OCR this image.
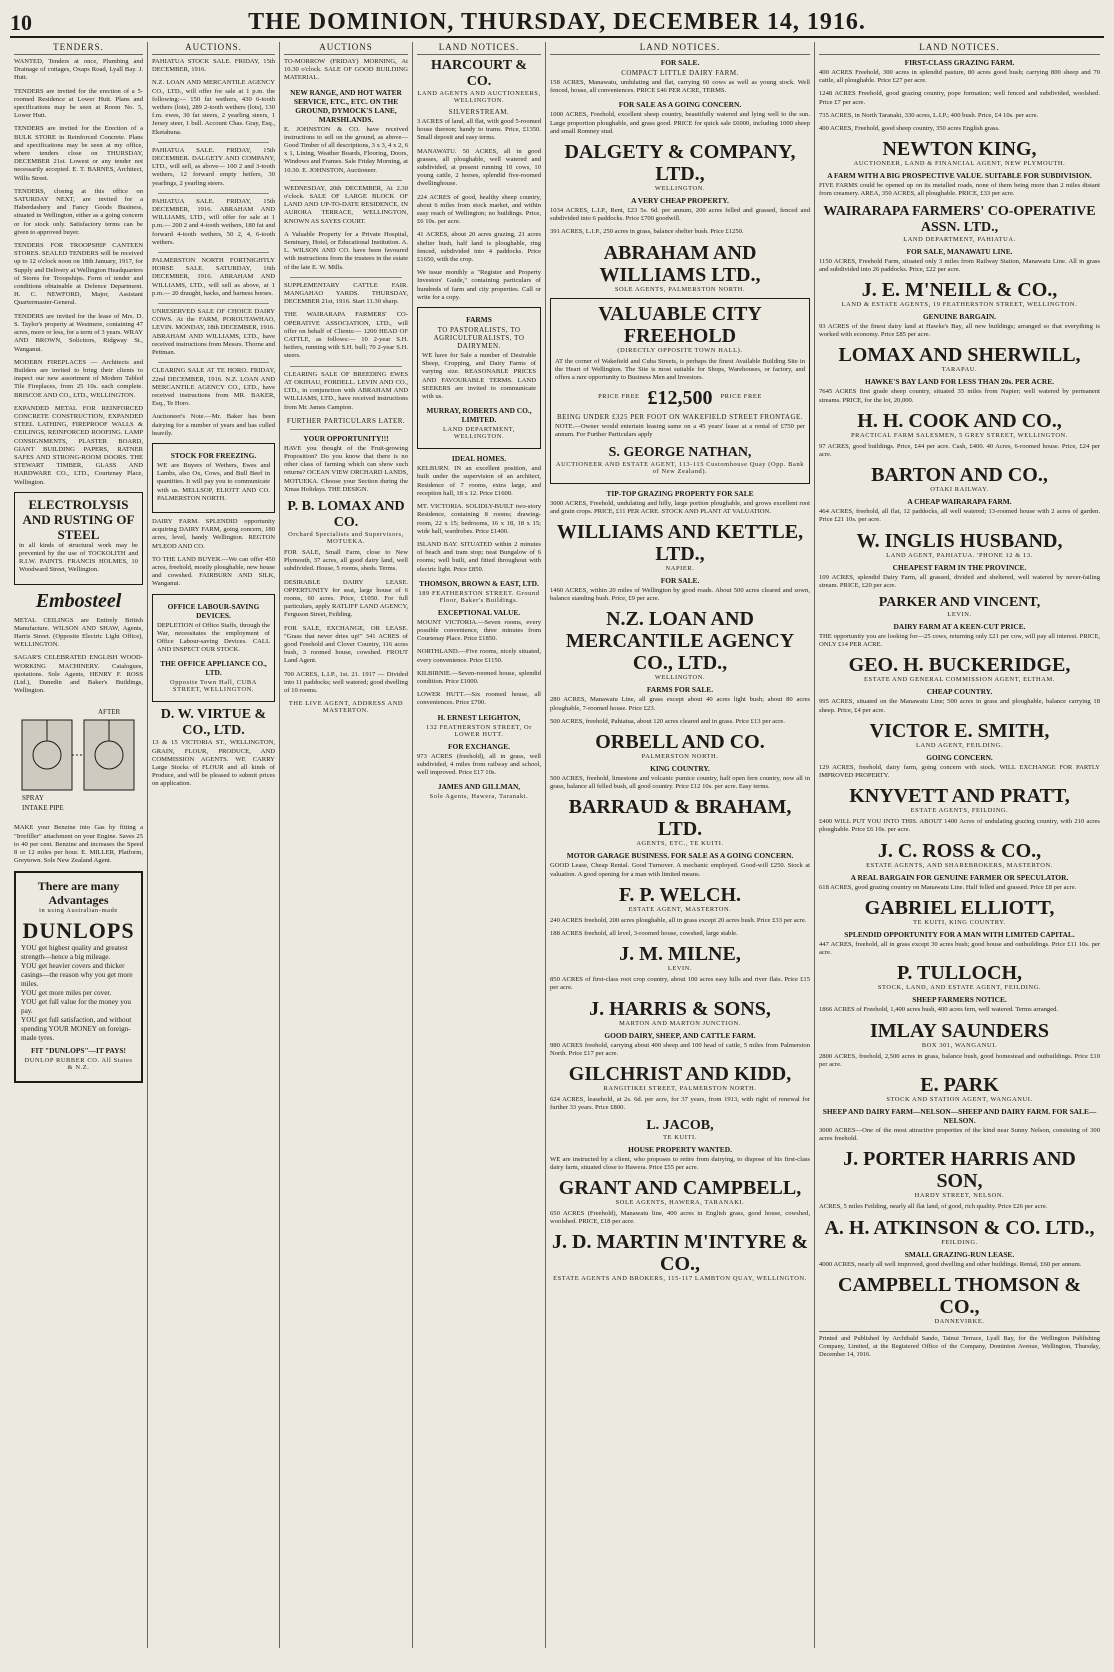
10	THE DOMINION, THURSDAY, DECEMBER 14, 1916.
TENDERS.
WANTED, Tenders at once, Plumbing and Drainage of cottages, Oxaps Road, Lyall Bay. J. Hutt.
TENDERS are invited for the erection of a 5-roomed Residence at Lower Hutt. Plans and specifications may be seen at Room No. 5, Lower Hutt.
TENDERS are invited for the Erection of a BULK STORE in Reinforced Concrete. Plans and specifications may be seen at my office, where tenders close on THURSDAY, DECEMBER 21st. Lowest or any tender not necessarily accepted. E. T. BARNES, Architect, Willis Street.
TENDERS, closing at this office on SATURDAY NEXT, are invited for a Haberdashery and Fancy Goods Business, situated in Wellington, either as a going concern or for stock only. Satisfactory terms can be given to approved buyer.
TENDERS FOR TROOPSHIP CANTEEN STORES. SEALED TENDERS will be received up to 12 o'clock noon on 18th January, 1917, for Supply and Delivery at Wellington Headquarters of Stores for Troopships. Form of tender and conditions obtainable at Defence Department. H. C. NEWFORD, Major, Assistant Quartermaster-General.
TENDERS are invited for the lease of Mrs. D. S. Taylor's property at Westmere, containing 47 acres, more or less, for a term of 3 years. WRAY AND BROWN, Solicitors, Ridgway St., Wanganui.
MODERN FIREPLACES — Architects and Builders are invited to bring their clients to inspect our new assortment of Modern Tabled Tile Fireplaces, from 25 10s. each complete. BRISCOE AND CO., LTD., WELLINGTON.
EXPANDED METAL FOR REINFORCED CONCRETE CONSTRUCTION, EXPANDED STEEL LATHING, FIREPROOF WALLS & CEILINGS, REINFORCED ROOFING. LAMP CONSIGNMENTS, PLASTER BOARD, GIANT BUILDING PAPERS, RATNER SAFES AND STRONG-ROOM DOORS. THE STEWART TIMBER, GLASS AND HARDWARE CO., LTD., Courtenay Place, Wellington.
ELECTROLYSIS AND RUSTING OF STEEL
in all kinds of structural work may be prevented by the use of TOCKOLITH and R.I.W. PAINTS. FRANCIS HOLMES, 10 Woodward Street, Wellington.
Embosteel
METAL CEILINGS are Entirely British Manufacture. WILSON AND SHAW, Agents, Harris Street. (Opposite Electric Light Office), WELLINGTON.
SAGAR'S CELEBRATED ENGLISH WOOD-WORKING MACHINERY. Catalogues, quotations. Sole Agents, HENRY F. ROSS (Ltd.), Dunedin and Baker's Buildings, Wellington.
SPRAY
INTAKE PIPE
AFTER
MAKE your Benzine into Gas by fitting a "Irrefiller" attachment on your Engine. Saves 25 to 40 per cent. Benzine and increases the Speed 8 or 12 miles per hour. E. MILLER, Platform, Greytown. Sole New Zealand Agent.
There are many Advantages
in using Australian-made
DUNLOPS
YOU get highest quality and greatest strength—hence a big mileage.
YOU get heavier covers and thicker casings—the reason why you get more miles.
YOU get more miles per cover.
YOU get full value for the money you pay.
YOU get full satisfaction, and without spending YOUR MONEY on foreign-made tyres.
FIT "DUNLOPS"—IT PAYS!
DUNLOP RUBBER CO. All States & N.Z.
AUCTIONS.
PAHIATUA STOCK SALE. FRIDAY, 15th DECEMBER, 1916.
N.Z. LOAN AND MERCANTILE AGENCY CO., LTD., will offer for sale at 1 p.m. the following:— 150 fat wethers, 430 6-tooth wethers (lots), 289 2-tooth wethers (lots), 130 f.m. ewes, 30 fat steers, 2 yearling steers, 1 Jersey steer, 1 bull. Account Chas. Gray, Esq., Eketahuna.
PAHIATUA SALE. FRIDAY, 15th DECEMBER. DALGETY AND COMPANY, LTD., will sell, as above— 100 2 and 3-tooth wethers, 12 forward empty heifers, 30 yearlings, 2 yearling steers.
PAHIATUA SALE. FRIDAY, 15th DECEMBER, 1916. ABRAHAM AND WILLIAMS, LTD., will offer for sale at 1 p.m.— 200 2 and 4-tooth wethers, 180 fat and forward 4-tooth wethers, 50 2, 4, 6-tooth wethers.
PALMERSTON NORTH FORTNIGHTLY HORSE SALE. SATURDAY, 16th DECEMBER, 1916. ABRAHAM AND WILLIAMS, LTD., will sell as above, at 1 p.m.— 20 draught, hacks, and harness horses.
UNRESERVED SALE OF CHOICE DAIRY COWS. At the FARM, POROUTAWHAO, LEVIN. MONDAY, 18th DECEMBER, 1916. ABRAHAM AND WILLIAMS, LTD., have received instructions from Messrs. Thorne and Pettman.
CLEARING SALE AT TE HORO. FRIDAY, 22nd DECEMBER, 1916. N.Z. LOAN AND MERCANTILE AGENCY CO., LTD., have received instructions from MR. BAKER, Esq., Te Horo.
Auctioneer's Note.—Mr. Baker has been dairying for a number of years and has culled heavily.
STOCK FOR FREEZING.
WE are Buyers of Wethers, Ewes and Lambs, also Ox, Cows, and Bull Beef in quantities. It will pay you to communicate with us. MELLSOP, ELIOTT AND CO. PALMERSTON NORTH.
DAIRY FARM. SPLENDID opportunity acquiring DAIRY FARM, going concern, 180 acres, level, handy Wellington. REGTON M'LEOD AND CO.
TO THE LAND BUYER.—We can offer 450 acres, freehold, mostly ploughable, new house and cowshed. FAIRBURN AND SILK, Wanganui.
OFFICE LABOUR-SAVING DEVICES.
DEPLETION of Office Staffs, through the War, necessitates the employment of Office Labour-saving Devices. CALL AND INSPECT OUR STOCK.
THE OFFICE APPLIANCE CO., LTD.
Opposite Town Hall, CUBA STREET, WELLINGTON.
D. W. VIRTUE & CO., LTD.
13 & 15 VICTORIA ST., WELLINGTON, GRAIN, FLOUR, PRODUCE, AND COMMISSION AGENTS. WE CARRY Large Stocks of FLOUR and all kinds of Produce, and will be pleased to submit prices on application.
AUCTIONS
TO-MORROW (FRIDAY) MORNING, At 10.30 o'clock. SALE OF GOOD BUILDING MATERIAL.
NEW RANGE, AND HOT WATER SERVICE, ETC., ETC. ON THE GROUND, DYMOCK'S LANE, MARSHLANDS.
E. JOHNSTON & CO. have received instructions to sell on the ground, as above— Good Timber of all descriptions, 3 x 3, 4 x 2, 6 x 1, Lining, Weather Boards, Flooring, Doors, Windows and Frames. Sale Friday Morning, at 10.30. E. JOHNSTON, Auctioneer.
WEDNESDAY, 20th DECEMBER, At 2.30 o'clock. SALE OF LARGE BLOCK OF LAND AND UP-TO-DATE RESIDENCE, IN AURORA TERRACE, WELLINGTON, KNOWN AS SAYES COURT.
A Valuable Property for a Private Hospital, Seminary, Hotel, or Educational Institution. A. L. WILSON AND CO. have been favoured with instructions from the trustees in the estate of the late E. W. Mills.
SUPPLEMENTARY CATTLE FAIR. MANGAHAO YARDS. THURSDAY, DECEMBER 21st, 1916. Start 11.30 sharp.
THE WAIRARAPA FARMERS' CO-OPERATIVE ASSOCIATION, LTD., will offer on behalf of Clients:— 1200 HEAD OF CATTLE, as follows:— 10 2-year S.H. heifers, running with S.H. bull; 70 2-year S.H. steers.
CLEARING SALE OF BREEDING EWES AT OKIHAU, FORDELL. LEVIN AND CO., LTD., in conjunction with ABRAHAM AND WILLIAMS, LTD., have received instructions from Mr. James Campion.
FURTHER PARTICULARS LATER.
YOUR OPPORTUNITY!!!
HAVE you thought of the Fruit-growing Proposition? Do you know that there is no other class of farming which can show such returns? OCEAN VIEW ORCHARD LANDS, MOTUEKA. Choose your Section during the Xmas Holidays. THE DESIGN.
P. B. LOMAX AND CO.
Orchard Specialists and Supervisors, MOTUEKA.
FOR SALE, Small Farm, close to New Plymouth, 37 acres, all good dairy land, well subdivided. House, 5 rooms, sheds. Terms.
DESIRABLE DAIRY LEASE. OPPERTUNITY for seat, large house of 6 rooms, 60 acres. Price, £1050. For full particulars, apply RATLIFF LAND AGENCY, Ferguson Street, Feilding.
FOR SALE, EXCHANGE, OR LEASE. "Grass that never dries up!" 341 ACRES of good Freehold and Clover Country, 116 acres bush, 3 roomed house, cowshed. FROUT Land Agent.
700 ACRES, L.I.P., 1st. 21. 1917 — Divided into 11 paddocks; well watered; good dwelling of 10 rooms.
THE LIVE AGENT, ADDRESS AND MASTERTON.
LAND NOTICES.
HARCOURT & CO.
LAND AGENTS AND AUCTIONEERS, WELLINGTON.
SILVERSTREAM.
3 ACRES of land, all flat, with good 5-roomed house thereon; handy to trams. Price, £1350. Small deposit and easy terms.
MANAWATU. 50 ACRES, all in good grasses, all ploughable, well watered and subdivided, at present running 10 cows, 10 young cattle, 2 horses, splendid five-roomed dwellinghouse.
224 ACRES of good, healthy sheep country, about 6 miles from stock market, and within easy reach of Wellington; no buildings. Price, £6 10s. per acre.
41 ACRES, about 20 acres grazing, 21 acres shelter bush, half land is ploughable, ring fenced, subdivided into 4 paddocks. Price £1650, with the crop.
We issue monthly a "Register and Property Investors' Guide," containing particulars of hundreds of farm and city properties. Call or write for a copy.
FARMS
TO PASTORALISTS, TO AGRICULTURALISTS, TO DAIRYMEN.
WE have for Sale a number of Desirable Sheep, Cropping, and Dairy Farms of varying size. REASONABLE PRICES AND FAVOURABLE TERMS. LAND SEEKERS are invited to communicate with us.
MURRAY, ROBERTS AND CO., LIMITED.
LAND DEPARTMENT, WELLINGTON.
IDEAL HOMES.
KELBURN. IN an excellent position, and built under the supervision of an architect, Residence of 7 rooms, extra large, and reception hall, 18 x 12. Price £1600.
MT. VICTORIA. SOLIDLY-BUILT two-story Residence, containing 8 rooms; drawing-room, 22 x 15; bedrooms, 16 x 18, 18 x 15; wide hall, wardrobes. Price £1400.
ISLAND BAY. SITUATED within 2 minutes of beach and tram stop; neat Bungalow of 6 rooms; well built, and fitted throughout with electric light. Price £850.
THOMSON, BROWN & EAST, LTD.
189 FEATHERSTON STREET. Ground Floor, Baker's Buildings.
EXCEPTIONAL VALUE.
MOUNT VICTORIA.—Seven rooms, every possible convenience, three minutes from Courtenay Place. Price £1850.
NORTHLAND.—Five rooms, nicely situated, every convenience. Price £1150.
KILBIRNIE.—Seven-roomed house, splendid condition. Price £1000.
LOWER HUTT.—Six roomed house, all conveniences. Price £700.
H. ERNEST LEIGHTON,
132 FEATHERSTON STREET, Or LOWER HUTT.
FOR EXCHANGE.
973 ACRES (freehold), all in grass, well subdivided, 4 miles from railway and school, well improved. Price £17 10s.
JAMES AND GILLMAN,
Sole Agents, Hawera, Taranaki.
LAND NOTICES.
FOR SALE.
COMPACT LITTLE DAIRY FARM.
158 ACRES, Manawatu, undulating and flat, carrying 60 cows as well as young stock. Well fenced, house, all conveniences. PRICE £46 PER ACRE, TERMS.
FOR SALE AS A GOING CONCERN.
1000 ACRES, Freehold, excellent sheep country, beautifully watered and lying well to the sun. Large proportion ploughable, and grass good. PRICE for quick sale £6000, including 1000 sheep and small Romney stud.
DALGETY & COMPANY, LTD.,
WELLINGTON.
A VERY CHEAP PROPERTY.
1034 ACRES, L.I.P., Rent, £23 5s. 6d. per annum, 200 acres felled and grassed, fenced and subdivided into 6 paddocks. Price £700 goodwill.
391 ACRES, L.I.P., 250 acres in grass, balance shelter bush. Price £1250.
ABRAHAM AND WILLIAMS LTD.,
SOLE AGENTS, PALMERSTON NORTH.
VALUABLE CITY FREEHOLD
(DIRECTLY OPPOSITE TOWN HALL).
AT the corner of Wakefield and Cuba Streets, is perhaps the finest Available Building Site in the Heart of Wellington. The Site is most suitable for Shops, Warehouses, or factory, and offers a rare opportunity to Business Men and Investors.
PRICE FREE £12,500 PRICE FREE
BEING UNDER £325 PER FOOT ON WAKEFIELD STREET FRONTAGE.
NOTE.—Owner would entertain leasing same on a 45 years' lease at a rental of £750 per annum. For Further Particulars apply
S. GEORGE NATHAN,
AUCTIONEER AND ESTATE AGENT, 113-115 Customhouse Quay (Opp. Bank of New Zealand).
TIP-TOP GRAZING PROPERTY FOR SALE
3000 ACRES, Freehold, undulating and hilly, large portion ploughable, and grows excellent root and grain crops. PRICE, £11 PER ACRE. STOCK AND PLANT AT VALUATION.
WILLIAMS AND KETTLE, LTD.,
NAPIER.
FOR SALE.
1460 ACRES, within 20 miles of Wellington by good roads. About 500 acres cleared and sown, balance standing bush. Price, £9 per acre.
N.Z. LOAN AND MERCANTILE AGENCY CO., LTD.,
WELLINGTON.
FARMS FOR SALE.
280 ACRES, Manawatu Line, all grass except about 40 acres light bush; about 80 acres ploughable, 7-roomed house. Price £23.
500 ACRES, freehold, Pahiatua, about 120 acres cleared and in grass. Price £13 per acre.
ORBELL AND CO.
PALMERSTON NORTH.
KING COUNTRY.
500 ACRES, freehold, limestone and volcanic pumice country, half open fern country, now all in grass, balance all felled bush, all good country. Price £12 10s. per acre. Easy terms.
BARRAUD & BRAHAM, LTD.
AGENTS, ETC., TE KUITI.
MOTOR GARAGE BUSINESS. FOR SALE AS A GOING CONCERN.
GOOD Lease, Cheap Rental. Good Turnover. A mechanic employed. Good-will £250. Stock at valuation. A good opening for a man with limited means.
F. P. WELCH.
ESTATE AGENT, MASTERTON.
240 ACRES freehold, 200 acres ploughable, all in grass except 20 acres bush. Price £33 per acre.
188 ACRES freehold, all level, 3-roomed house, cowshed, large stable.
J. M. MILNE,
LEVIN.
850 ACRES of first-class root crop country, about 100 acres easy hills and river flats. Price £15 per acre.
J. HARRIS & SONS,
MARTON AND MARTON JUNCTION.
GOOD DAIRY, SHEEP, AND CATTLE FARM.
980 ACRES freehold, carrying about 400 sheep and 100 head of cattle, 5 miles from Palmerston North. Price £17 per acre.
GILCHRIST AND KIDD,
RANGITIKEI STREET, PALMERSTON NORTH.
624 ACRES, leasehold, at 2s. 6d. per acre, for 37 years, from 1913, with right of renewal for further 33 years. Price £800.
L. JACOB,
TE KUITI.
HOUSE PROPERTY WANTED.
WE are instructed by a client, who proposes to retire from dairying, to dispose of his first-class dairy farm, situated close to Hawera. Price £55 per acre.
GRANT AND CAMPBELL,
SOLE AGENTS, HAWERA, TARANAKI.
650 ACRES (Freehold), Manawatu line, 400 acres in English grass, good house, cowshed, woolshed. PRICE, £18 per acre.
J. D. MARTIN M'INTYRE & CO.,
ESTATE AGENTS AND BROKERS, 115-117 LAMBTON QUAY, WELLINGTON.
LAND NOTICES.
FIRST-CLASS GRAZING FARM.
400 ACRES Freehold, 300 acres in splendid pasture, 80 acres good bush; carrying 800 sheep and 70 cattle, all ploughable. Price £27 per acre.
1248 ACRES Freehold, good grazing country, pope formation; well fenced and subdivided, woolshed. Price £7 per acre.
735 ACRES, in North Taranaki, 330 acres, L.I.P.; 400 bush. Price, £4 10s. per acre.
400 ACRES, Freehold, good sheep country, 350 acres English grass.
NEWTON KING,
AUCTIONEER, LAND & FINANCIAL AGENT, NEW PLYMOUTH.
A FARM WITH A BIG PROSPECTIVE VALUE. SUITABLE FOR SUBDIVISION.
FIVE FARMS could be opened up on its metalled roads, none of them being more than 2 miles distant from creamery. AREA, 350 ACRES, all ploughable. PRICE, £33 per acre.
WAIRARAPA FARMERS' CO-OPERATIVE ASSN. LTD.,
LAND DEPARTMENT, PAHIATUA.
FOR SALE, MANAWATU LINE.
1150 ACRES, Freehold Farm, situated only 3 miles from Railway Station, Manawatu Line. All in grass and subdivided into 26 paddocks. Price, £22 per acre.
J. E. M'NEILL & CO.,
LAND & ESTATE AGENTS, 19 FEATHERSTON STREET, WELLINGTON.
GENUINE BARGAIN.
93 ACRES of the finest dairy land at Hawke's Bay, all new buildings; arranged so that everything is worked with economy. Price £85 per acre.
LOMAX AND SHERWILL,
TARAPAU.
HAWKE'S BAY LAND FOR LESS THAN 20s. PER ACRE.
7645 ACRES first grade sheep country, situated 35 miles from Napier; well watered by permanent streams. PRICE, for the lot, 20,000.
H. H. COOK AND CO.,
PRACTICAL FARM SALESMEN, 5 GREY STREET, WELLINGTON.
97 ACRES, good buildings. Price, £44 per acre. Cash, £400. 40 Acres, 6-roomed house. Price, £24 per acre.
BARTON AND CO.,
OTAKI RAILWAY.
A CHEAP WAIRARAPA FARM.
464 ACRES, freehold, all flat, 12 paddocks, all well watered; 13-roomed house with 2 acres of garden. Price £21 10s. per acre.
W. INGLIS HUSBAND,
LAND AGENT, PAHIATUA. 'PHONE 12 & 13.
CHEAPEST FARM IN THE PROVINCE.
109 ACRES, splendid Dairy Farm, all grassed, divided and sheltered, well watered by never-failing stream. PRICE, £20 per acre.
PARKER AND VINCENT,
LEVIN.
DAIRY FARM AT A KEEN-CUT PRICE.
THE opportunity you are looking for—25 cows, returning only £21 per cow, will pay all interest. PRICE, ONLY £14 PER ACRE.
GEO. H. BUCKERIDGE,
ESTATE AND GENERAL COMMISSION AGENT, ELTHAM.
CHEAP COUNTRY.
995 ACRES, situated on the Manawatu Line; 500 acres in grass and ploughable, balance carrying 18 sheep. Price, £4 per acre.
VICTOR E. SMITH,
LAND AGENT, FEILDING.
GOING CONCERN.
129 ACRES, freehold, dairy farm, going concern with stock. WILL EXCHANGE FOR PARTLY IMPROVED PROPERTY.
KNYVETT AND PRATT,
ESTATE AGENTS, FEILDING.
£400 WILL PUT YOU INTO THIS. ABOUT 1400 Acres of undulating grazing country, with 210 acres ploughable. Price £6 10s. per acre.
J. C. ROSS & CO.,
ESTATE AGENTS, AND SHAREBROKERS, MASTERTON.
A REAL BARGAIN FOR GENUINE FARMER OR SPECULATOR.
618 ACRES, good grazing country on Manawatu Line. Half felled and grassed. Price £8 per acre.
GABRIEL ELLIOTT,
TE KUITI, KING COUNTRY.
SPLENDID OPPORTUNITY FOR A MAN WITH LIMITED CAPITAL.
447 ACRES, freehold, all in grass except 30 acres bush; good house and outbuildings. Price £11 10s. per acre.
P. TULLOCH,
STOCK, LAND, AND ESTATE AGENT, FEILDING.
SHEEP FARMERS NOTICE.
1866 ACRES of Freehold, 1,400 acres bush, 400 acres fern, well watered. Terms arranged.
IMLAY SAUNDERS
BOX 301, WANGANUI.
2800 ACRES, freehold, 2,500 acres in grass, balance bush, good homestead and outbuildings. Price £10 per acre.
E. PARK
STOCK AND STATION AGENT, WANGANUI.
SHEEP AND DAIRY FARM—NELSON—SHEEP AND DAIRY FARM. FOR SALE—NELSON.
3000 ACRES—One of the most attractive properties of the kind near Sunny Nelson, consisting of 300 acres freehold.
J. PORTER HARRIS AND SON,
HARDY STREET, NELSON.
ACRES, 5 miles Feilding, nearly all flat land, of good, rich quality. Price £26 per acre.
A. H. ATKINSON & CO. LTD.,
FEILDING.
SMALL GRAZING-RUN LEASE.
4000 ACRES, nearly all well improved, good dwelling and other buildings. Rental, £60 per annum.
CAMPBELL THOMSON & CO.,
DANNEVIRKE.
Printed and Published by Archibald Sando, Tainui Terrace, Lyall Bay, for the Wellington Publishing Company, Limited, at the Registered Office of the Company, Dominion Avenue, Wellington, Thursday, December 14, 1916.
